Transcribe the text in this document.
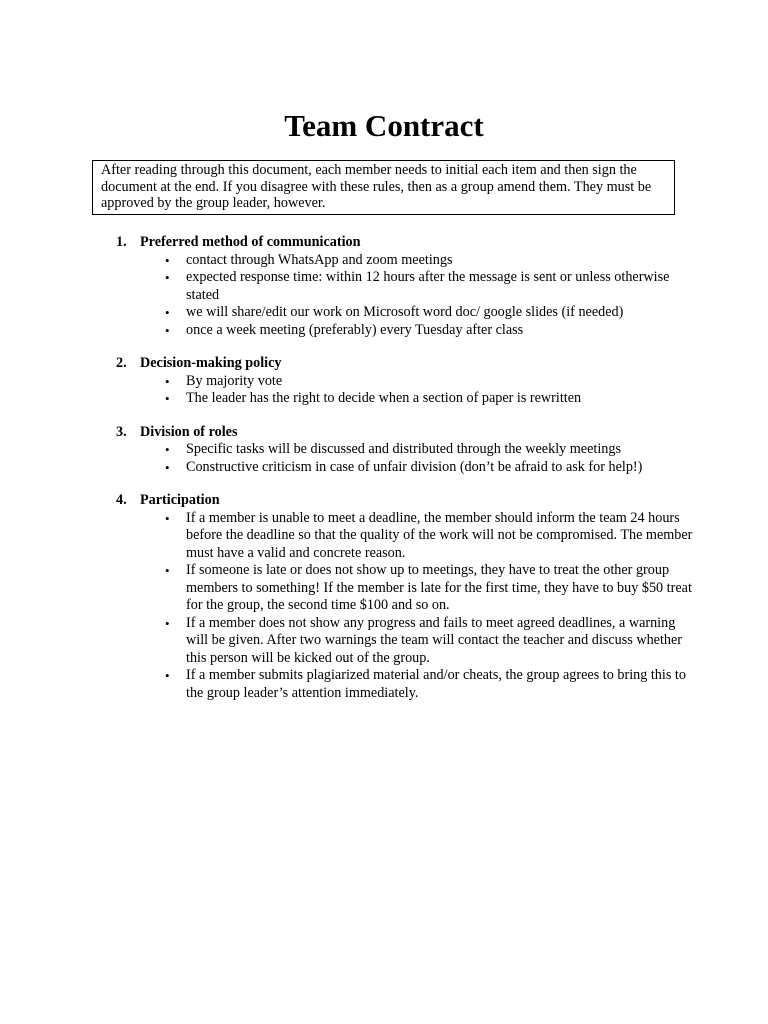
Team Contract
After reading through this document, each member needs to initial each item and then sign the document at the end. If you disagree with these rules, then as a group amend them. They must be approved by the group leader, however.
1. Preferred method of communication
• contact through WhatsApp and zoom meetings
• expected response time: within 12 hours after the message is sent or unless otherwise stated
• we will share/edit our work on Microsoft word doc/ google slides (if needed)
• once a week meeting (preferably) every Tuesday after class
2. Decision-making policy
• By majority vote
• The leader has the right to decide when a section of paper is rewritten
3. Division of roles
• Specific tasks will be discussed and distributed through the weekly meetings
• Constructive criticism in case of unfair division (don’t be afraid to ask for help!)
4. Participation
• If a member is unable to meet a deadline, the member should inform the team 24 hours before the deadline so that the quality of the work will not be compromised. The member must have a valid and concrete reason.
• If someone is late or does not show up to meetings, they have to treat the other group members to something! If the member is late for the first time, they have to buy $50 treat for the group, the second time $100 and so on.
• If a member does not show any progress and fails to meet agreed deadlines, a warning will be given. After two warnings the team will contact the teacher and discuss whether this person will be kicked out of the group.
• If a member submits plagiarized material and/or cheats, the group agrees to bring this to the group leader’s attention immediately.
